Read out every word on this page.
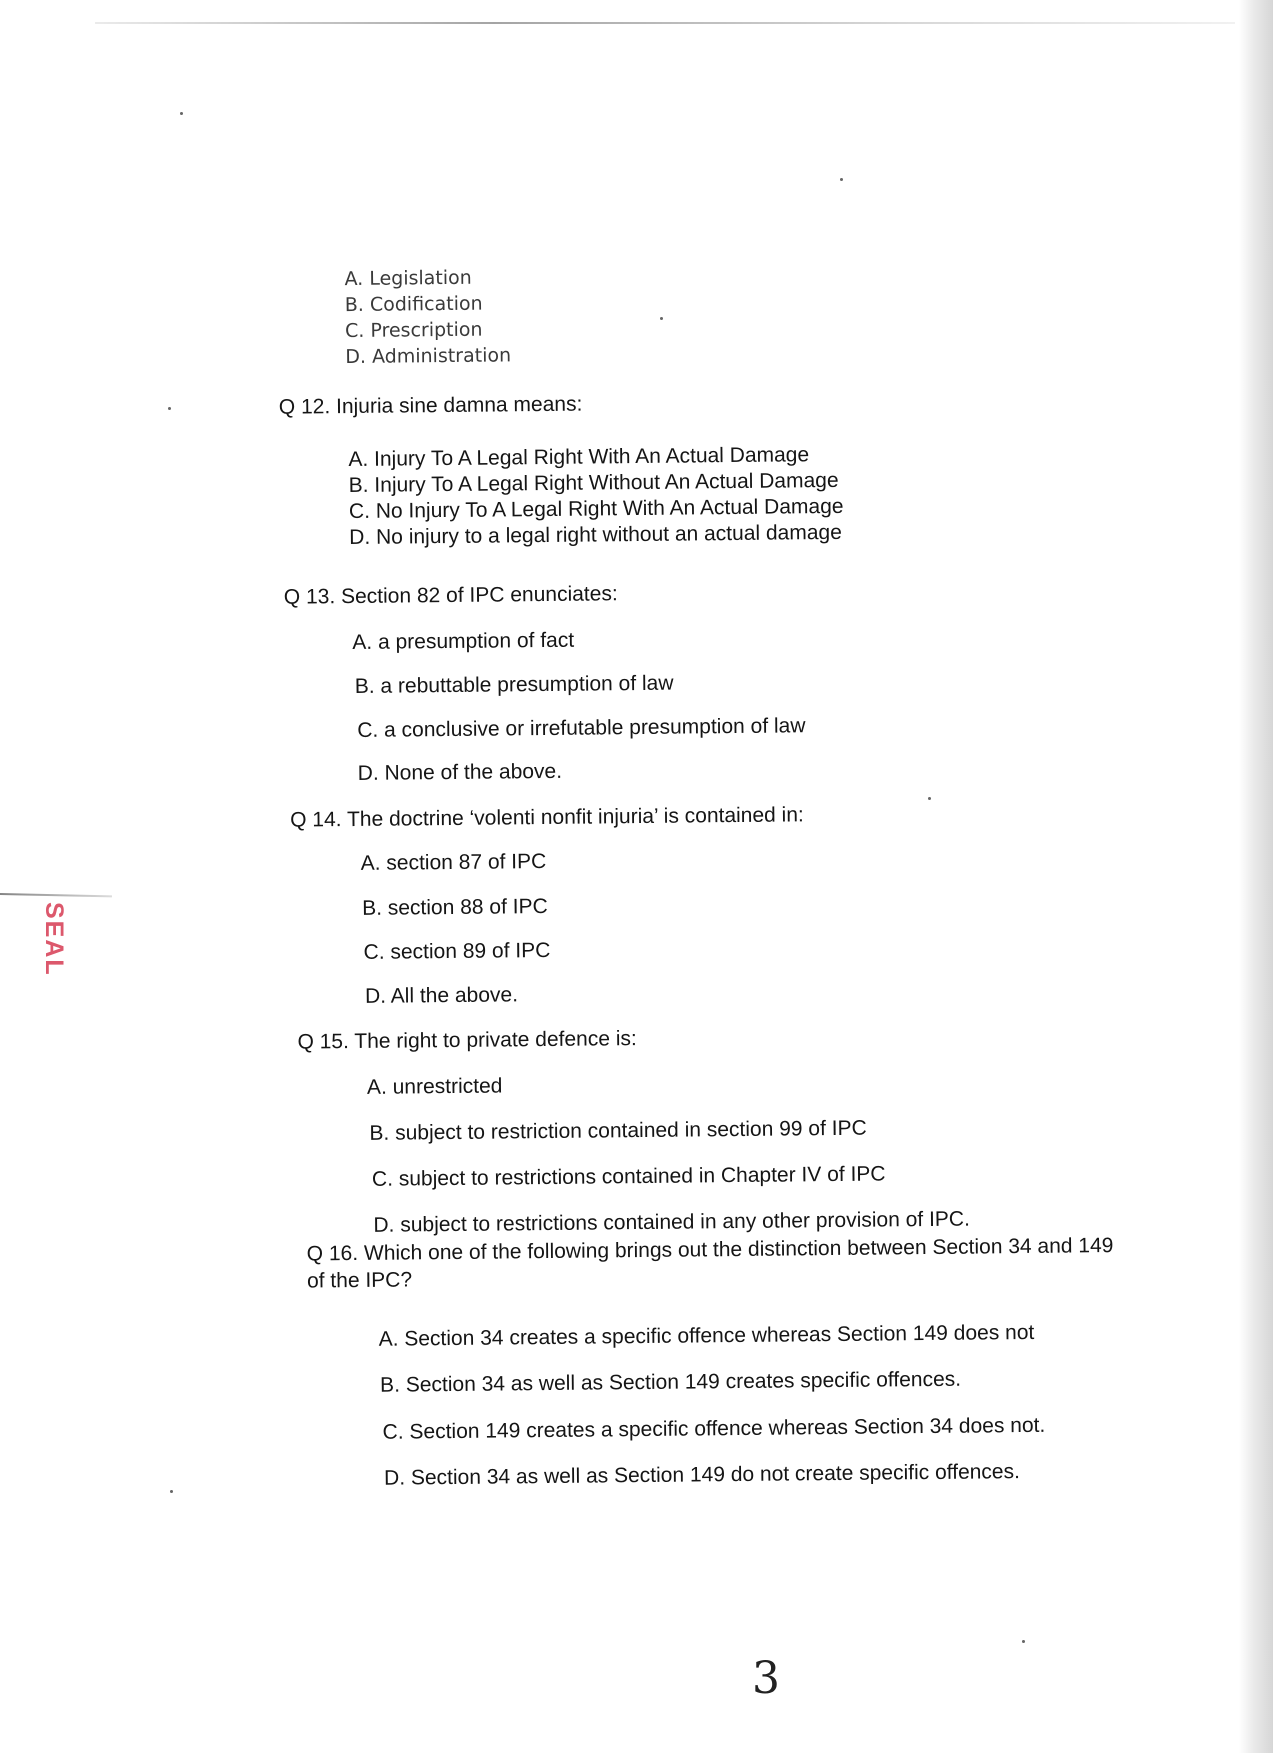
SEAL
A. Legislation
B. Codification
C. Prescription
D. Administration
Q 12. Injuria sine damna means:
A. Injury To A Legal Right With An Actual Damage
B. Injury To A Legal Right Without An Actual Damage
C. No Injury To A Legal Right With An Actual Damage
D. No injury to a legal right without an actual damage
Q 13. Section 82 of IPC enunciates:
A. a presumption of fact
B. a rebuttable presumption of law
C. a conclusive or irrefutable presumption of law
D. None of the above.
Q 14. The doctrine ‘volenti nonfit injuria’ is contained in:
A. section 87 of IPC
B. section 88 of IPC
C. section 89 of IPC
D. All the above.
Q 15. The right to private defence is:
A. unrestricted
B. subject to restriction contained in section 99 of IPC
C. subject to restrictions contained in Chapter IV of IPC
D. subject to restrictions contained in any other provision of IPC.
Q 16. Which one of the following brings out the distinction between Section 34 and 149
of the IPC?
A. Section 34 creates a specific offence whereas Section 149 does not
B. Section 34 as well as Section 149 creates specific offences.
C. Section 149 creates a specific offence whereas Section 34 does not.
D. Section 34 as well as Section 149 do not create specific offences.
3
